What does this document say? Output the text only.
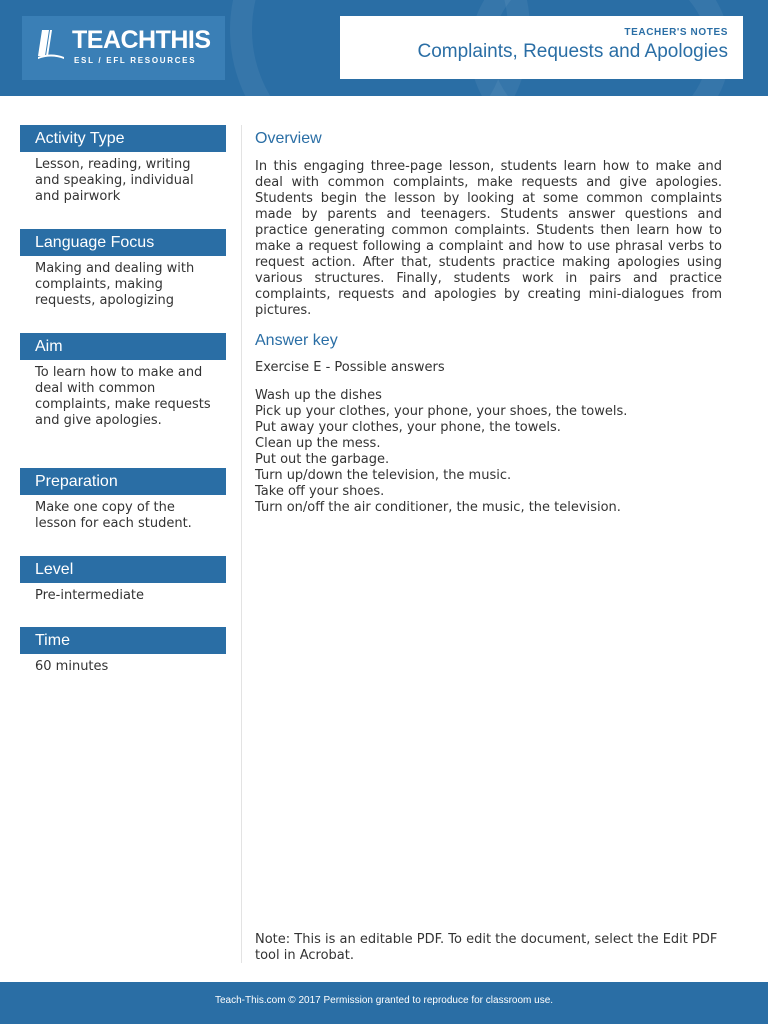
TEACHTHIS
ESL / EFL RESOURCES
TEACHER'S NOTES
Complaints, Requests and Apologies
Activity Type
Lesson, reading, writing and speaking, individual and pairwork
Language Focus
Making and dealing with complaints, making requests, apologizing
Aim
To learn how to make and deal with common complaints, make requests and give apologies.
Preparation
Make one copy of the lesson for each student.
Level
Pre-intermediate
Time
60 minutes
Overview

In this engaging three-page lesson, students learn how to make and deal with common complaints, make requests and give apologies. Students begin the lesson by looking at some common complaints made by parents and teenagers. Students answer questions and practice generating common complaints. Students then learn how to make a request following a complaint and how to use phrasal verbs to request action. After that, students practice making apologies using various structures. Finally, students work in pairs and practice complaints, requests and apologies by creating mini-dialogues from pictures.

Answer key

Exercise E - Possible answers

Wash up the dishes
Pick up your clothes, your phone, your shoes, the towels.
Put away your clothes, your phone, the towels.
Clean up the mess.
Put out the garbage.
Turn up/down the television, the music.
Take off your shoes.
Turn on/off the air conditioner, the music, the television.

Note: This is an editable PDF. To edit the document, select the Edit PDF tool in Acrobat.

Teach-This.com © 2017 Permission granted to reproduce for classroom use.
